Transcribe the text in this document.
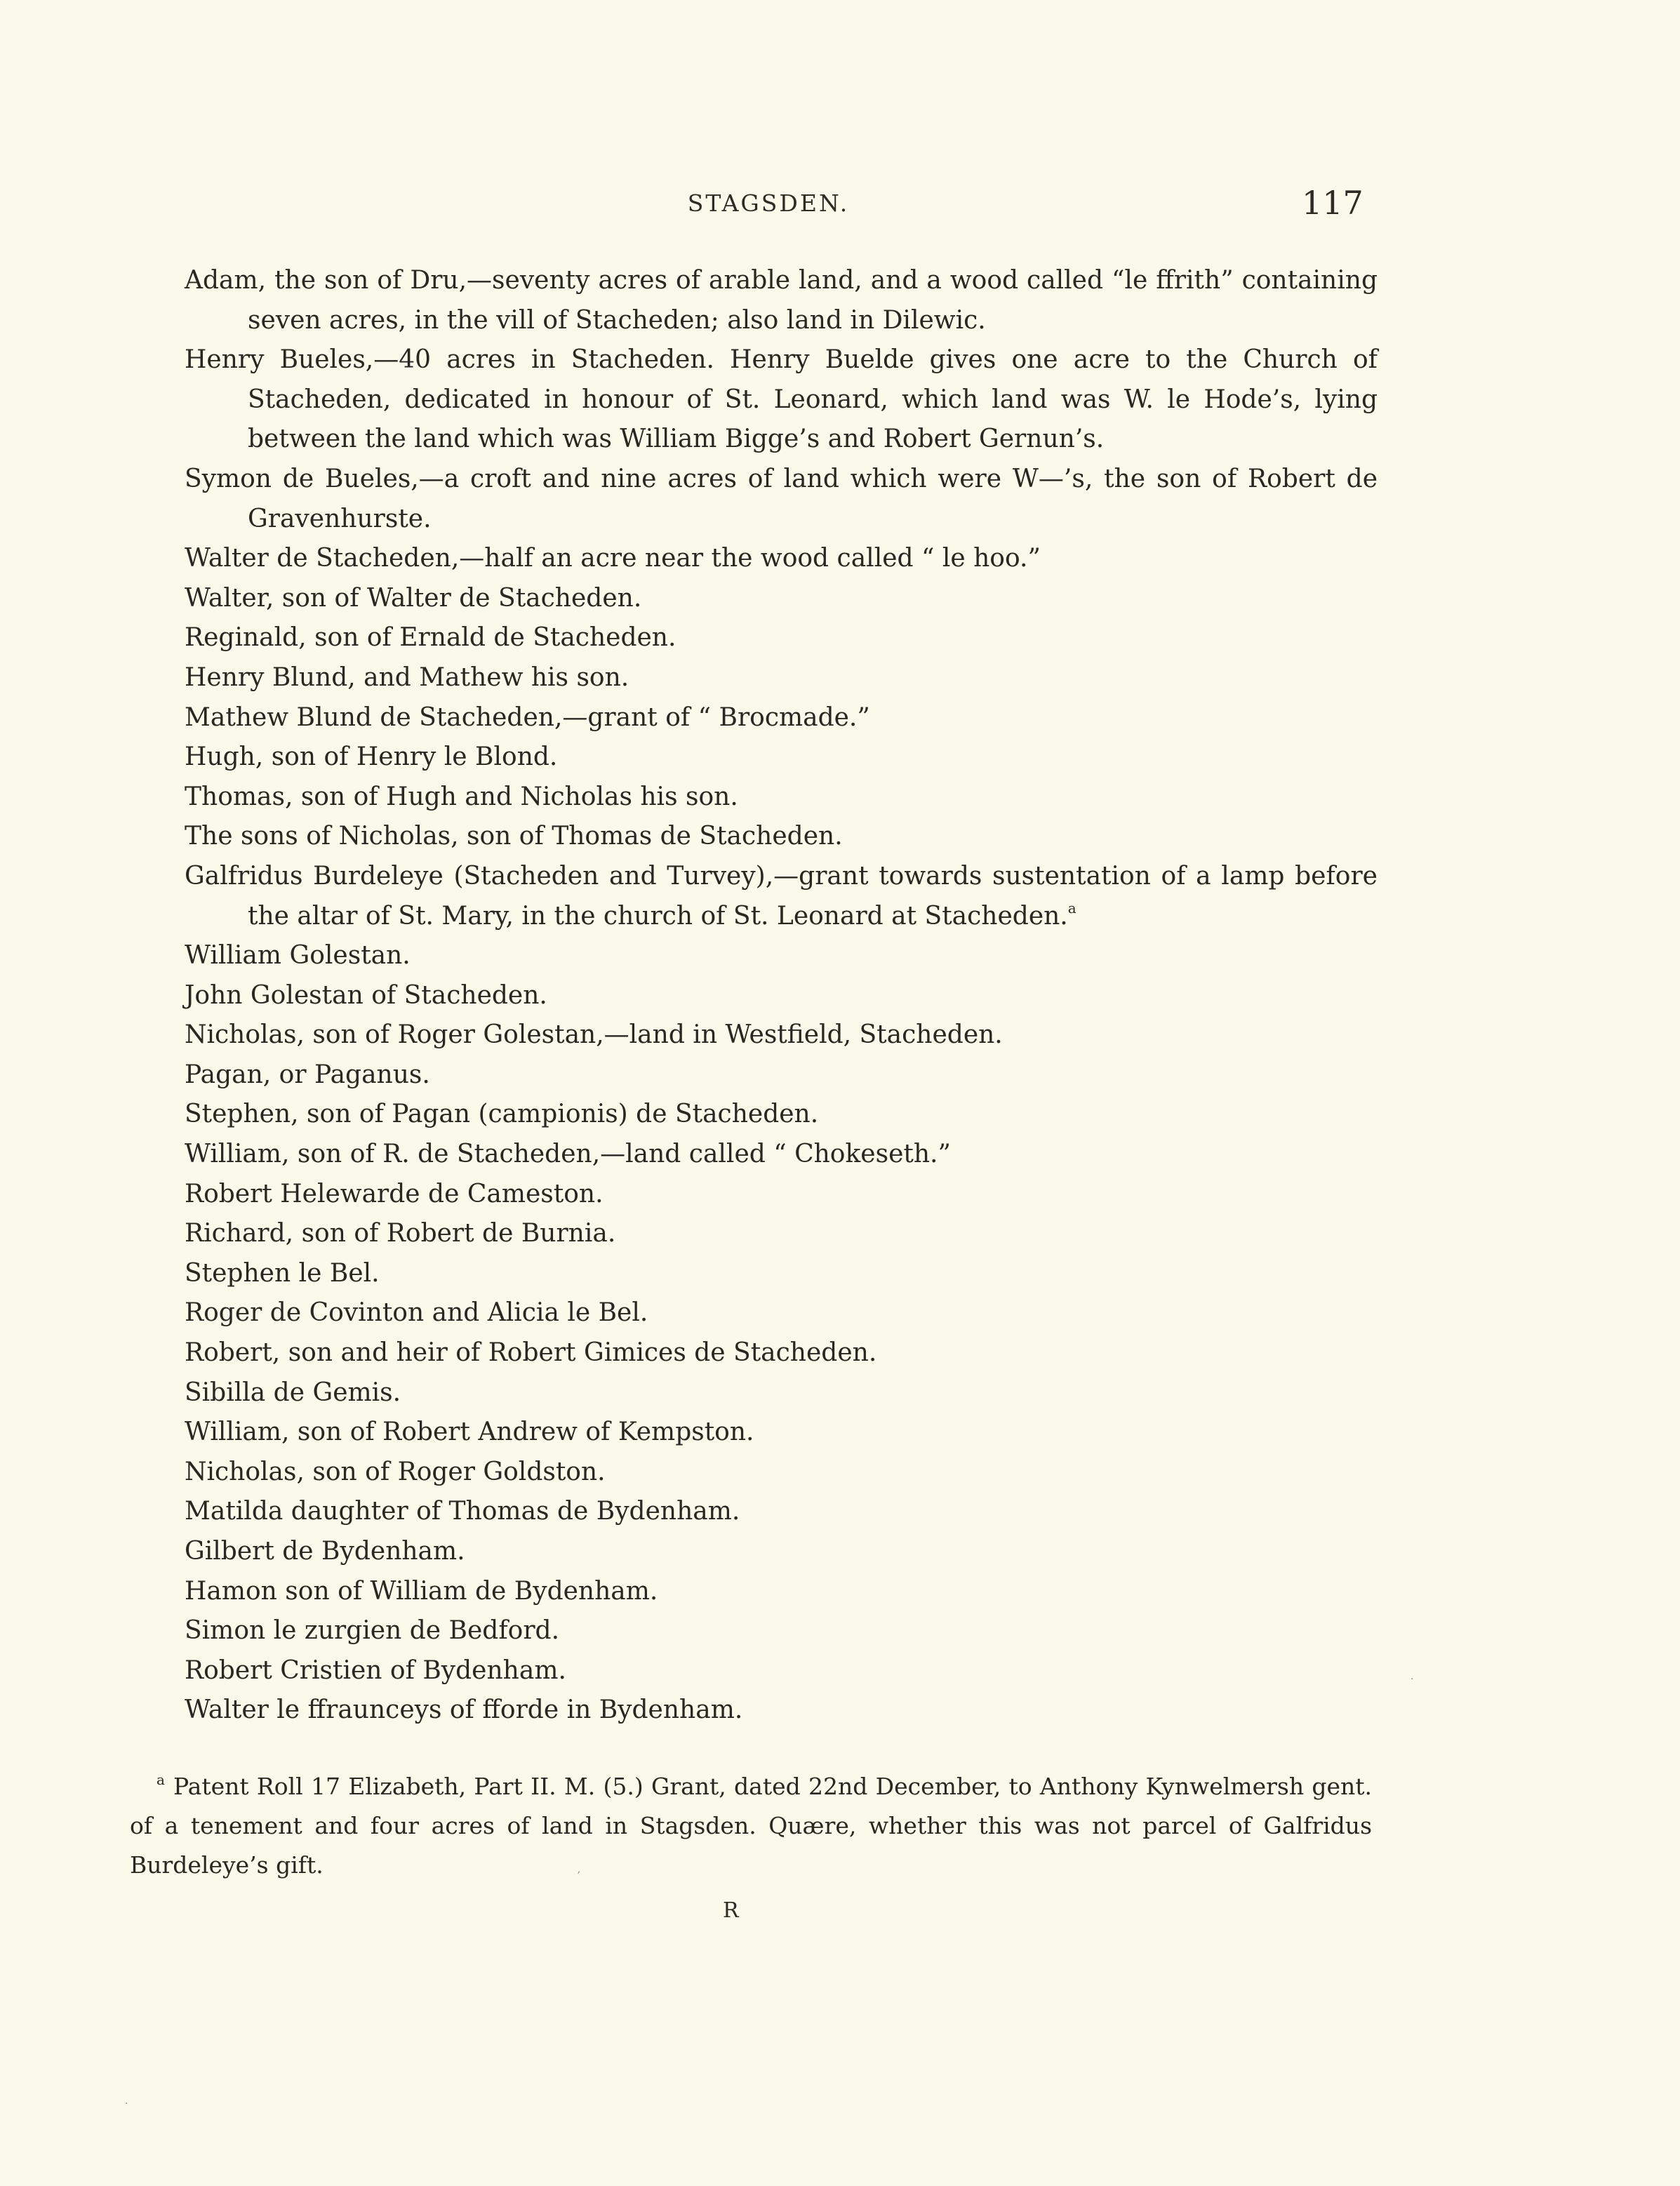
STAGSDEN.	117
Adam, the son of Dru,—seventy acres of arable land, and a wood called “le ffrith” containing seven acres, in the vill of Stacheden; also land in Dilewic.
Henry Bueles,—40 acres in Stacheden. Henry Buelde gives one acre to the Church of Stacheden, dedicated in honour of St. Leonard, which land was W. le Hode’s, lying between the land which was William Bigge’s and Robert Gernun’s.
Symon de Bueles,—a croft and nine acres of land which were W—’s, the son of Robert de Gravenhurste.
Walter de Stacheden,—half an acre near the wood called “ le hoo.”
Walter, son of Walter de Stacheden.
Reginald, son of Ernald de Stacheden.
Henry Blund, and Mathew his son.
Mathew Blund de Stacheden,—grant of “ Brocmade.”
Hugh, son of Henry le Blond.
Thomas, son of Hugh and Nicholas his son.
The sons of Nicholas, son of Thomas de Stacheden.
Galfridus Burdeleye (Stacheden and Turvey),—grant towards sustentation of a lamp before the altar of St. Mary, in the church of St. Leonard at Stacheden.$^a$
William Golestan.
John Golestan of Stacheden.
Nicholas, son of Roger Golestan,—land in Westfield, Stacheden.
Pagan, or Paganus.
Stephen, son of Pagan (campionis) de Stacheden.
William, son of R. de Stacheden,—land called “ Chokeseth.”
Robert Helewarde de Cameston.
Richard, son of Robert de Burnia.
Stephen le Bel.
Roger de Covinton and Alicia le Bel.
Robert, son and heir of Robert Gimices de Stacheden.
Sibilla de Gemis.
William, son of Robert Andrew of Kempston.
Nicholas, son of Roger Goldston.
Matilda daughter of Thomas de Bydenham.
Gilbert de Bydenham.
Hamon son of William de Bydenham.
Simon le zurgien de Bedford.
Robert Cristien of Bydenham.
Walter le ffraunceys of fforde in Bydenham.

$^a$ Patent Roll 17 Elizabeth, Part II. M. (5.) Grant, dated 22nd December, to Anthony Kynwelmersh gent. of a tenement and four acres of land in Stagsden. Quære, whether this was not parcel of Galfridus Burdeleye’s gift.

R
·
ʼ
·
